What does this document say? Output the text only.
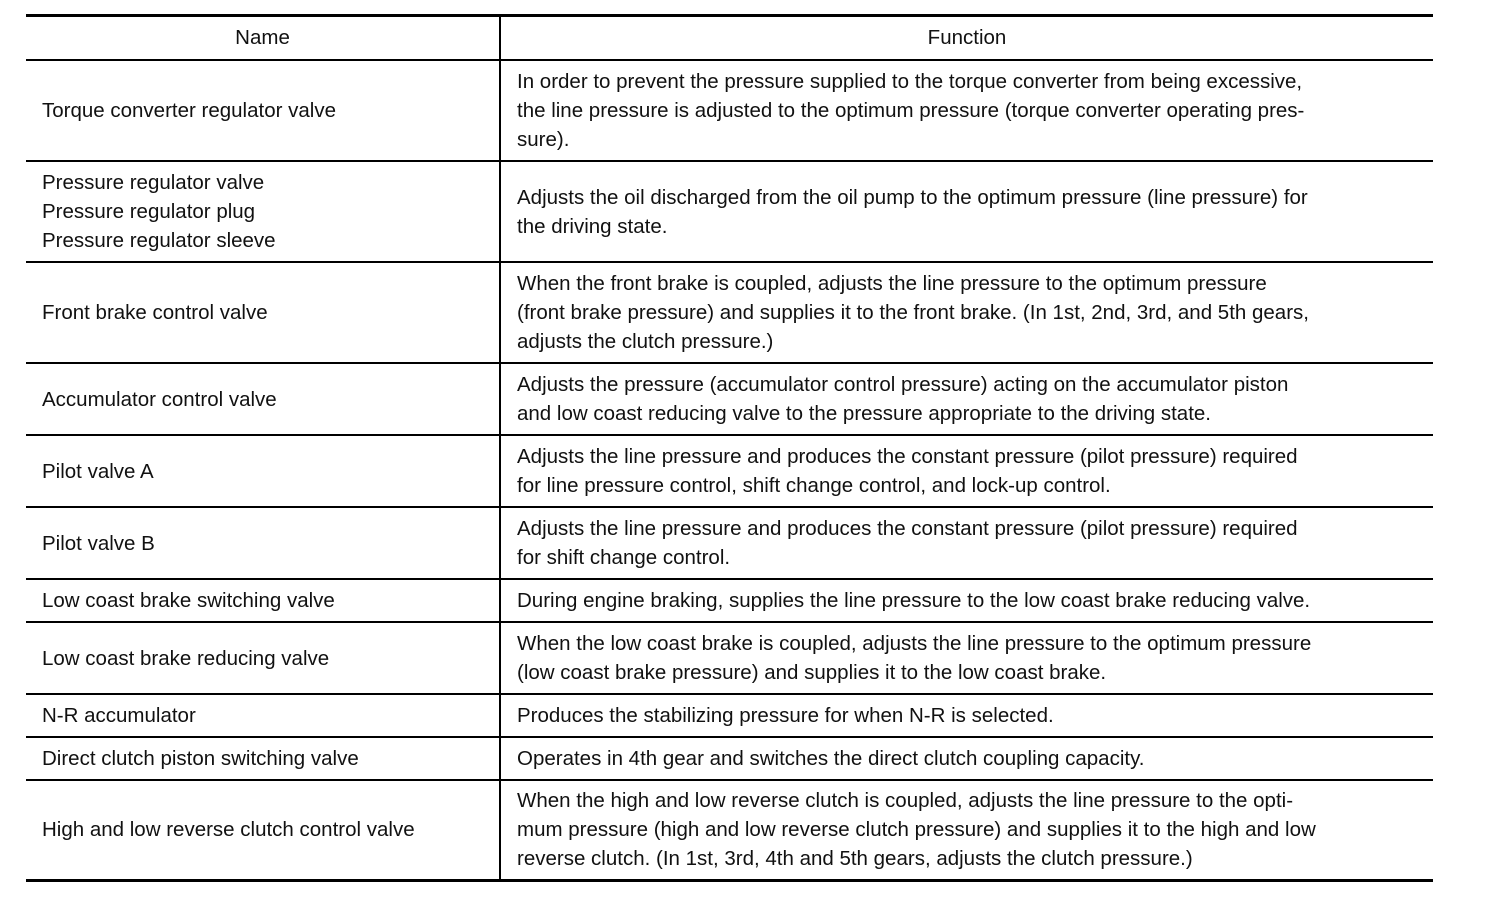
Name	Function
Torque converter regulator valve	In order to prevent the pressure supplied to the torque converter from being excessive,
the line pressure is adjusted to the optimum pressure (torque converter operating pres-
sure).
Pressure regulator valve
Pressure regulator plug
Pressure regulator sleeve	Adjusts the oil discharged from the oil pump to the optimum pressure (line pressure) for
the driving state.
Front brake control valve	When the front brake is coupled, adjusts the line pressure to the optimum pressure
(front brake pressure) and supplies it to the front brake. (In 1st, 2nd, 3rd, and 5th gears,
adjusts the clutch pressure.)
Accumulator control valve	Adjusts the pressure (accumulator control pressure) acting on the accumulator piston
and low coast reducing valve to the pressure appropriate to the driving state.
Pilot valve A	Adjusts the line pressure and produces the constant pressure (pilot pressure) required
for line pressure control, shift change control, and lock-up control.
Pilot valve B	Adjusts the line pressure and produces the constant pressure (pilot pressure) required
for shift change control.
Low coast brake switching valve	During engine braking, supplies the line pressure to the low coast brake reducing valve.
Low coast brake reducing valve	When the low coast brake is coupled, adjusts the line pressure to the optimum pressure
(low coast brake pressure) and supplies it to the low coast brake.
N-R accumulator	Produces the stabilizing pressure for when N-R is selected.
Direct clutch piston switching valve	Operates in 4th gear and switches the direct clutch coupling capacity.
High and low reverse clutch control valve	When the high and low reverse clutch is coupled, adjusts the line pressure to the opti-
mum pressure (high and low reverse clutch pressure) and supplies it to the high and low
reverse clutch. (In 1st, 3rd, 4th and 5th gears, adjusts the clutch pressure.)
